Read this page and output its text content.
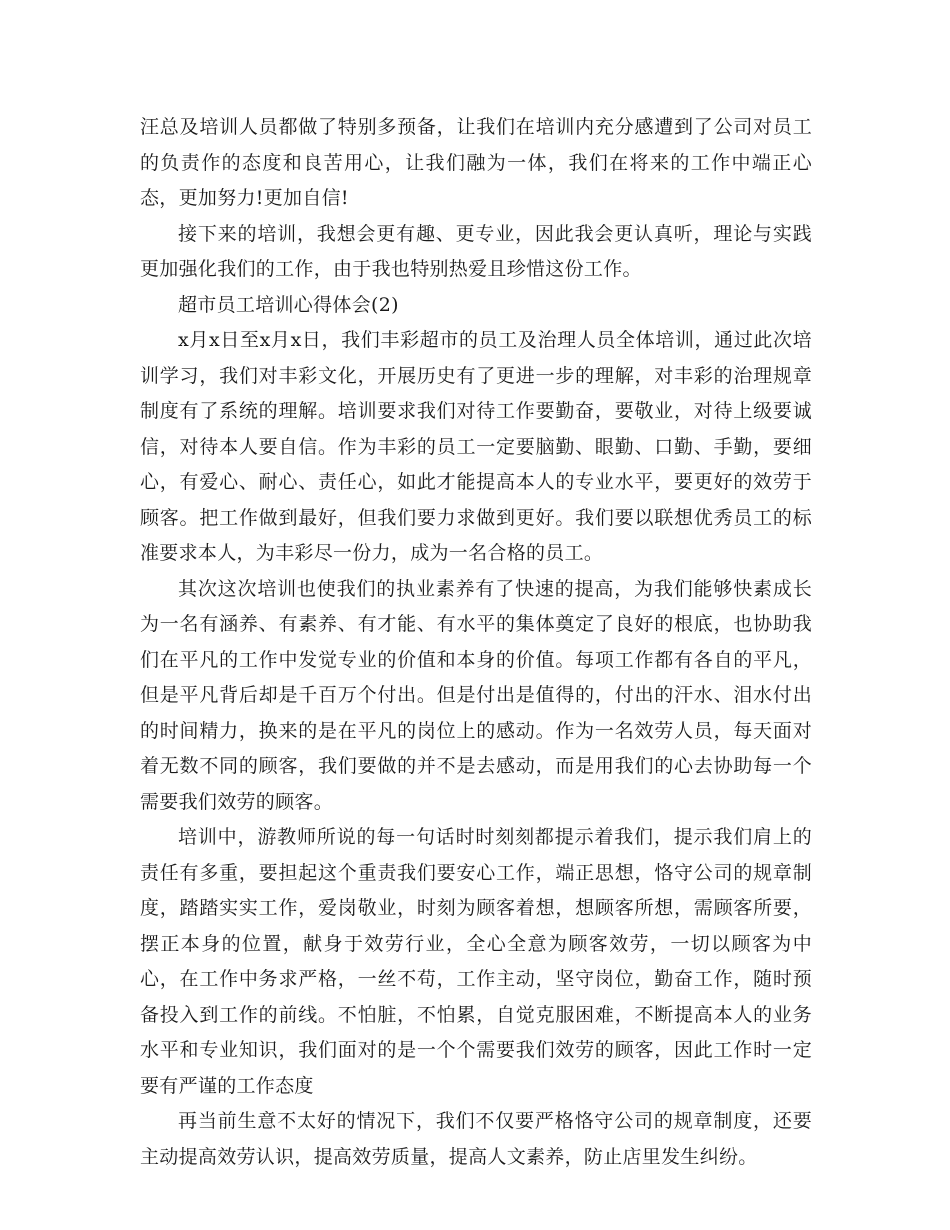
汪总及培训人员都做了特别多预备，让我们在培训内充分感遭到了公司对员工的负责作的态度和良苦用心，让我们融为一体，我们在将来的工作中端正心态，更加努力!更加自信!

接下来的培训，我想会更有趣、更专业，因此我会更认真听，理论与实践更加强化我们的工作，由于我也特别热爱且珍惜这份工作。

超市员工培训心得体会(2)

x月x日至x月x日，我们丰彩超市的员工及治理人员全体培训，通过此次培训学习，我们对丰彩文化，开展历史有了更进一步的理解，对丰彩的治理规章制度有了系统的理解。培训要求我们对待工作要勤奋，要敬业，对待上级要诚信，对待本人要自信。作为丰彩的员工一定要脑勤、眼勤、口勤、手勤，要细心，有爱心、耐心、责任心，如此才能提高本人的专业水平，要更好的效劳于顾客。把工作做到最好，但我们要力求做到更好。我们要以联想优秀员工的标准要求本人，为丰彩尽一份力，成为一名合格的员工。

其次这次培训也使我们的执业素养有了快速的提高，为我们能够快素成长为一名有涵养、有素养、有才能、有水平的集体奠定了良好的根底，也协助我们在平凡的工作中发觉专业的价值和本身的价值。每项工作都有各自的平凡，但是平凡背后却是千百万个付出。但是付出是值得的，付出的汗水、泪水付出的时间精力，换来的是在平凡的岗位上的感动。作为一名效劳人员，每天面对着无数不同的顾客，我们要做的并不是去感动，而是用我们的心去协助每一个需要我们效劳的顾客。

培训中，游教师所说的每一句话时时刻刻都提示着我们，提示我们肩上的责任有多重，要担起这个重责我们要安心工作，端正思想，恪守公司的规章制度，踏踏实实工作，爱岗敬业，时刻为顾客着想，想顾客所想，需顾客所要，摆正本身的位置，献身于效劳行业，全心全意为顾客效劳，一切以顾客为中心，在工作中务求严格，一丝不苟，工作主动，坚守岗位，勤奋工作，随时预备投入到工作的前线。不怕脏，不怕累，自觉克服困难，不断提高本人的业务水平和专业知识，我们面对的是一个个需要我们效劳的顾客，因此工作时一定要有严谨的工作态度

再当前生意不太好的情况下，我们不仅要严格恪守公司的规章制度，还要主动提高效劳认识，提高效劳质量，提高人文素养，防止店里发生纠纷。
